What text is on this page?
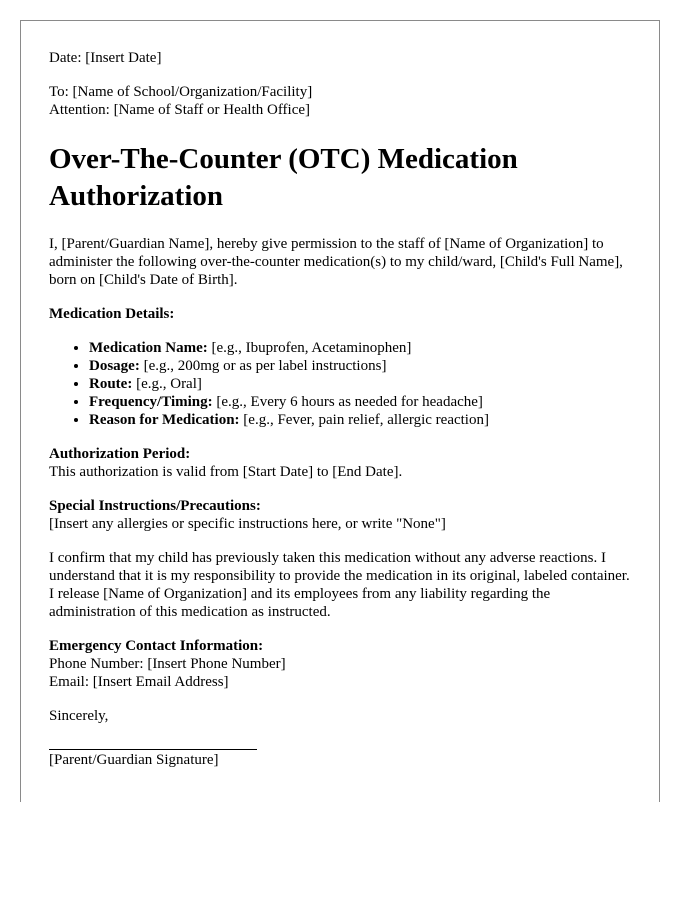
Date: [Insert Date]

To: [Name of School/Organization/Facility]

Attention: [Name of Staff or Health Office]

Over-The-Counter (OTC) Medication Authorization

I, [Parent/Guardian Name], hereby give permission to the staff of [Name of Organization] to administer the following over-the-counter medication(s) to my child/ward, [Child's Full Name], born on [Child's Date of Birth].

Medication Details:

• Medication Name: [e.g., Ibuprofen, Acetaminophen]
• Dosage: [e.g., 200mg or as per label instructions]
• Route: [e.g., Oral]
• Frequency/Timing: [e.g., Every 6 hours as needed for headache]
• Reason for Medication: [e.g., Fever, pain relief, allergic reaction]

Authorization Period:

This authorization is valid from [Start Date] to [End Date].

Special Instructions/Precautions:

[Insert any allergies or specific instructions here, or write "None"]

I confirm that my child has previously taken this medication without any adverse reactions. I understand that it is my responsibility to provide the medication in its original, labeled container. I release [Name of Organization] and its employees from any liability regarding the administration of this medication as instructed.

Emergency Contact Information:

Phone Number: [Insert Phone Number]

Email: [Insert Email Address]

Sincerely,

[Parent/Guardian Signature]
